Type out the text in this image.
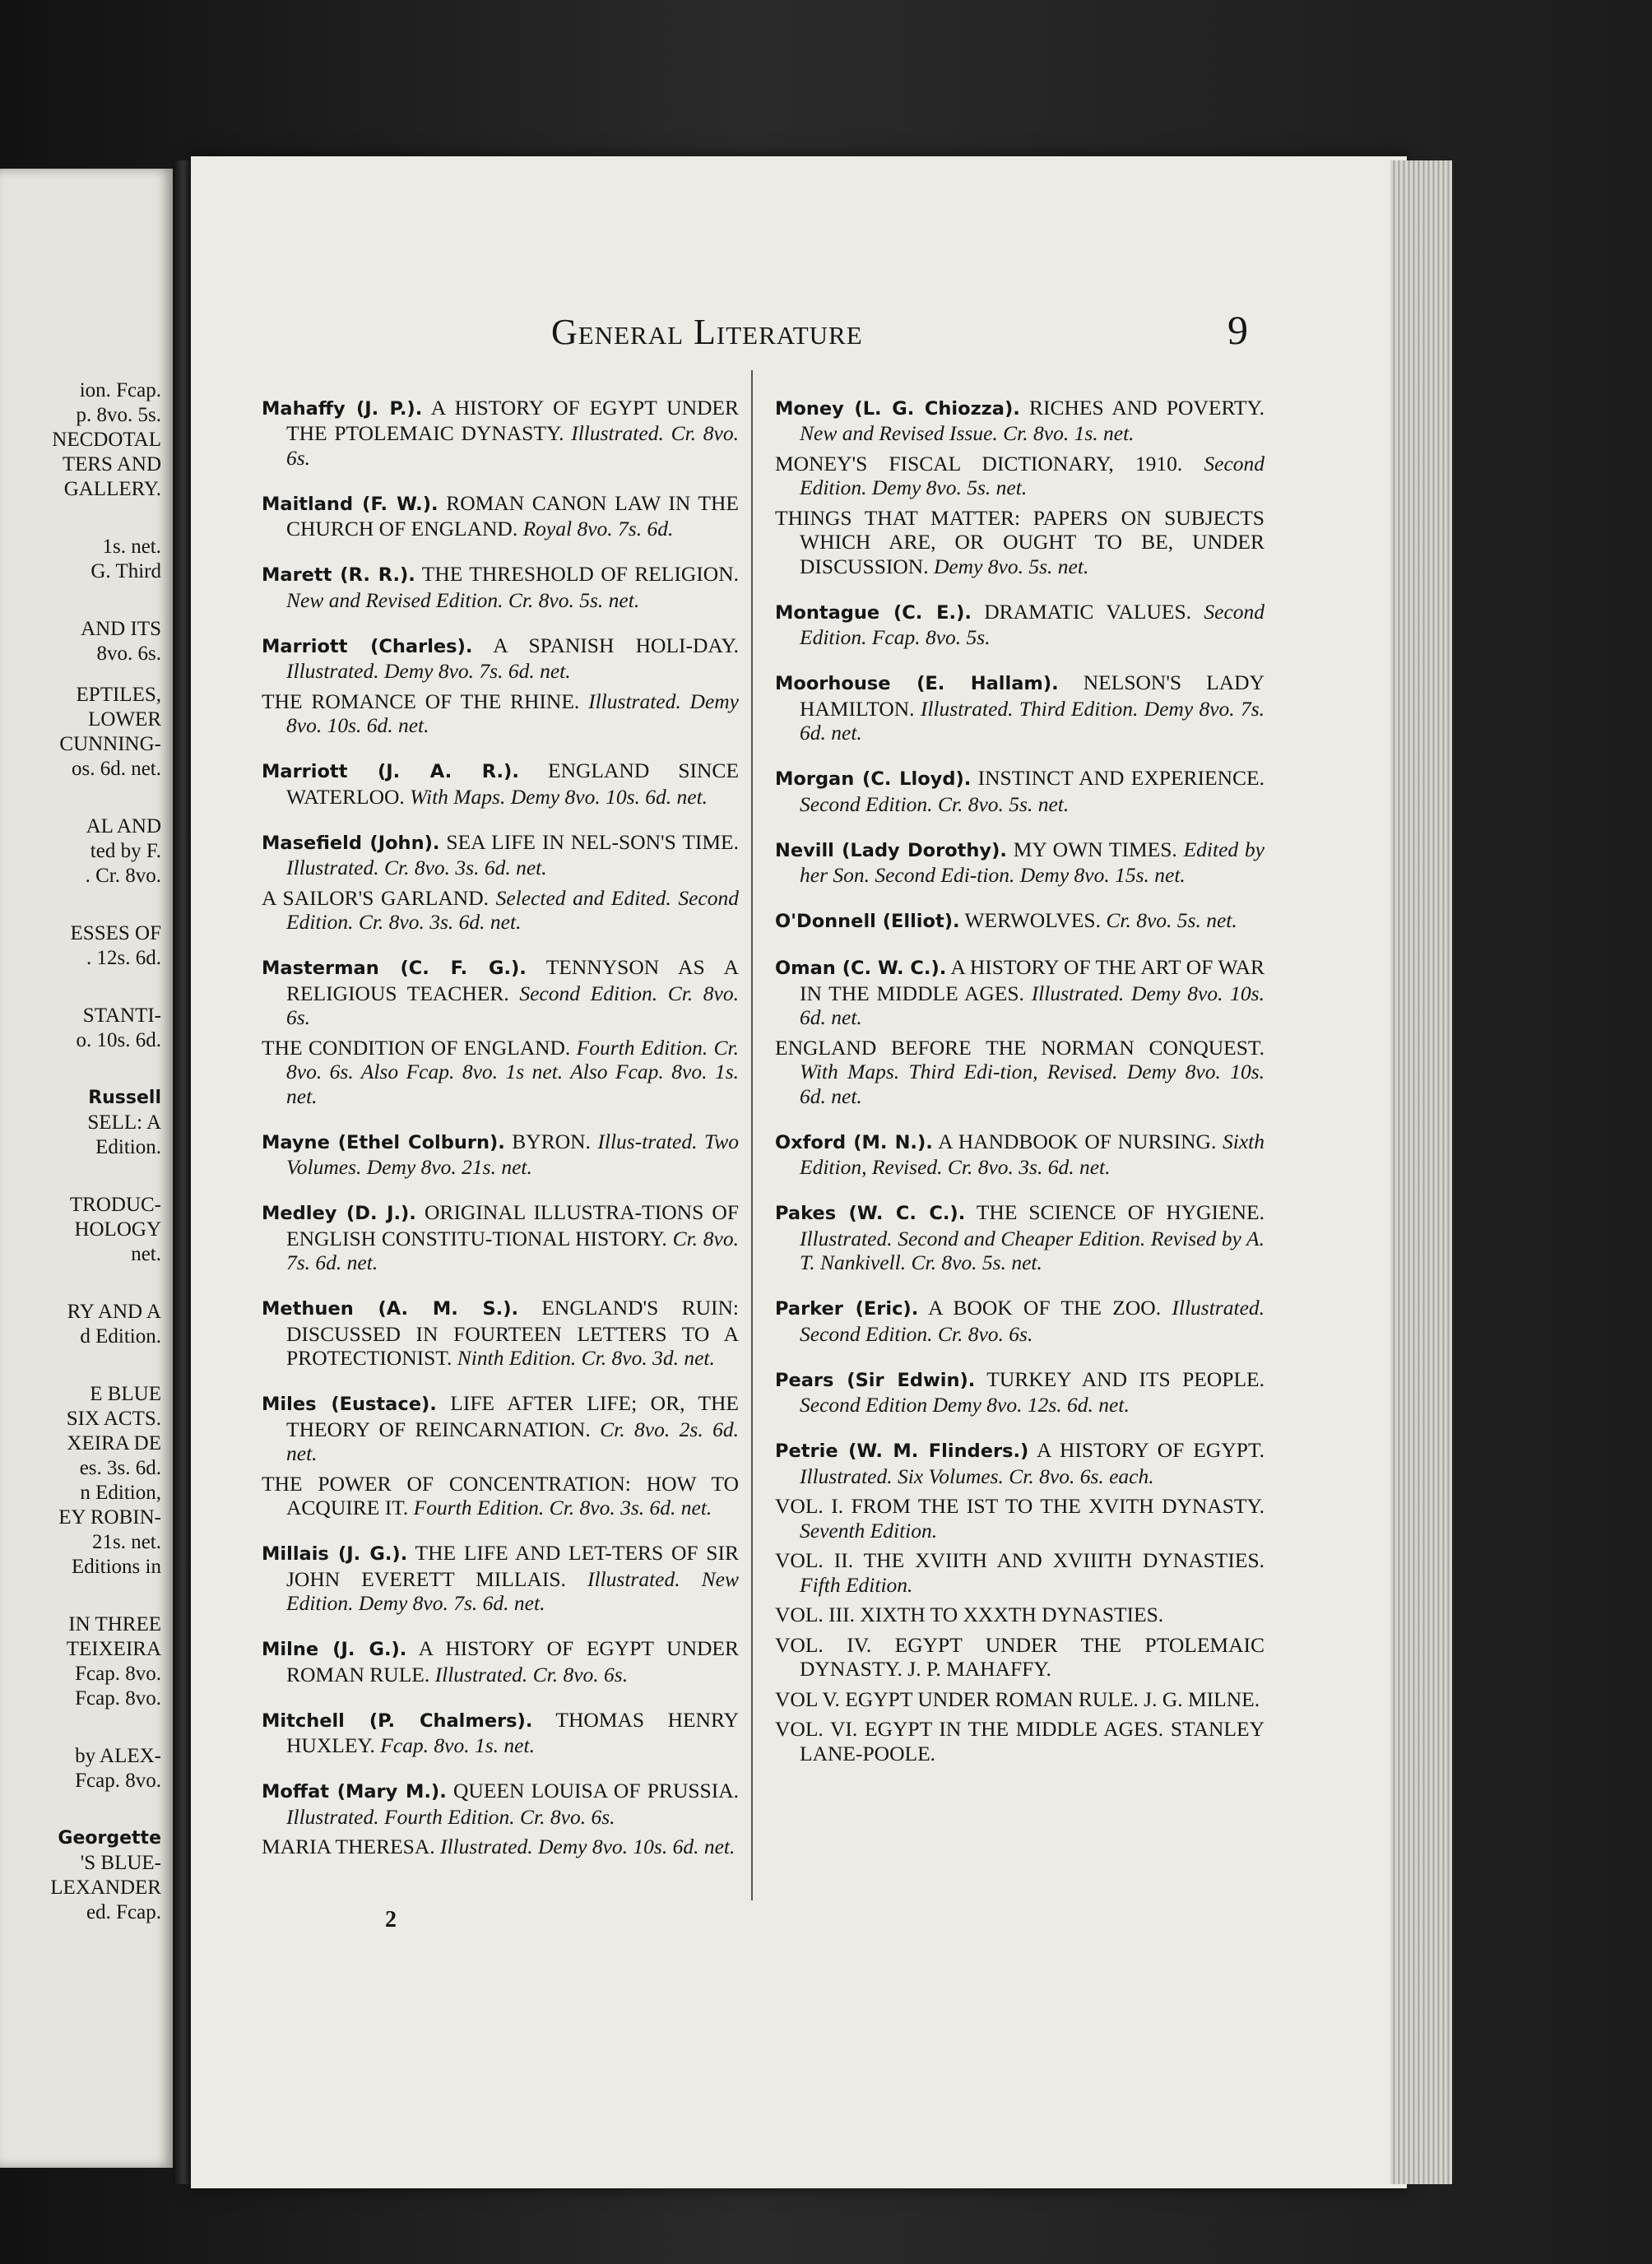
ion. Fcap.
p. 8vo. 5s.
NECDOTAL
TERS AND
GALLERY.
1s. net.
G. Third
AND ITS
8vo. 6s.
EPTILES,
LOWER
CUNNING-
os. 6d. net.
AL AND
ted by F.
. Cr. 8vo.
ESSES OF
. 12s. 6d.
STANTI-
o. 10s. 6d.
Russell
SELL: A
Edition.
TRODUC-
HOLOGY
net.
RY AND A
d Edition.
E BLUE
SIX ACTS.
XEIRA DE
es. 3s. 6d.
n Edition,
EY ROBIN-
21s. net.
Editions in
IN THREE
TEIXEIRA
Fcap. 8vo.
Fcap. 8vo.
by ALEX-
Fcap. 8vo.
Georgette
'S BLUE-
LEXANDER
ed. Fcap.
General Literature	9

Mahaffy (J. P.). A HISTORY OF EGYPT UNDER THE PTOLEMAIC DYNASTY. Illustrated. Cr. 8vo. 6s.

Maitland (F. W.). ROMAN CANON LAW IN THE CHURCH OF ENGLAND. Royal 8vo. 7s. 6d.

Marett (R. R.). THE THRESHOLD OF RELIGION. New and Revised Edition. Cr. 8vo. 5s. net.

Marriott (Charles). A SPANISH HOLI-DAY. Illustrated. Demy 8vo. 7s. 6d. net.

THE ROMANCE OF THE RHINE. Illustrated. Demy 8vo. 10s. 6d. net.

Marriott (J. A. R.). ENGLAND SINCE WATERLOO. With Maps. Demy 8vo. 10s. 6d. net.

Masefield (John). SEA LIFE IN NEL-SON'S TIME. Illustrated. Cr. 8vo. 3s. 6d. net.

A SAILOR'S GARLAND. Selected and Edited. Second Edition. Cr. 8vo. 3s. 6d. net.

Masterman (C. F. G.). TENNYSON AS A RELIGIOUS TEACHER. Second Edition. Cr. 8vo. 6s.

THE CONDITION OF ENGLAND. Fourth Edition. Cr. 8vo. 6s. Also Fcap. 8vo. 1s net. Also Fcap. 8vo. 1s. net.

Mayne (Ethel Colburn). BYRON. Illus-trated. Two Volumes. Demy 8vo. 21s. net.

Medley (D. J.). ORIGINAL ILLUSTRA-TIONS OF ENGLISH CONSTITU-TIONAL HISTORY. Cr. 8vo. 7s. 6d. net.

Methuen (A. M. S.). ENGLAND'S RUIN: DISCUSSED IN FOURTEEN LETTERS TO A PROTECTIONIST. Ninth Edition. Cr. 8vo. 3d. net.

Miles (Eustace). LIFE AFTER LIFE; OR, THE THEORY OF REINCARNATION. Cr. 8vo. 2s. 6d. net.

THE POWER OF CONCENTRATION: HOW TO ACQUIRE IT. Fourth Edition. Cr. 8vo. 3s. 6d. net.

Millais (J. G.). THE LIFE AND LET-TERS OF SIR JOHN EVERETT MILLAIS. Illustrated. New Edition. Demy 8vo. 7s. 6d. net.

Milne (J. G.). A HISTORY OF EGYPT UNDER ROMAN RULE. Illustrated. Cr. 8vo. 6s.

Mitchell (P. Chalmers). THOMAS HENRY HUXLEY. Fcap. 8vo. 1s. net.

Moffat (Mary M.). QUEEN LOUISA OF PRUSSIA. Illustrated. Fourth Edition. Cr. 8vo. 6s.

MARIA THERESA. Illustrated. Demy 8vo. 10s. 6d. net.

Money (L. G. Chiozza). RICHES AND POVERTY. New and Revised Issue. Cr. 8vo. 1s. net.

MONEY'S FISCAL DICTIONARY, 1910. Second Edition. Demy 8vo. 5s. net.

THINGS THAT MATTER: PAPERS ON SUBJECTS WHICH ARE, OR OUGHT TO BE, UNDER DISCUSSION. Demy 8vo. 5s. net.

Montague (C. E.). DRAMATIC VALUES. Second Edition. Fcap. 8vo. 5s.

Moorhouse (E. Hallam). NELSON'S LADY HAMILTON. Illustrated. Third Edition. Demy 8vo. 7s. 6d. net.

Morgan (C. Lloyd). INSTINCT AND EXPERIENCE. Second Edition. Cr. 8vo. 5s. net.

Nevill (Lady Dorothy). MY OWN TIMES. Edited by her Son. Second Edi-tion. Demy 8vo. 15s. net.

O'Donnell (Elliot). WERWOLVES. Cr. 8vo. 5s. net.

Oman (C. W. C.). A HISTORY OF THE ART OF WAR IN THE MIDDLE AGES. Illustrated. Demy 8vo. 10s. 6d. net.

ENGLAND BEFORE THE NORMAN CONQUEST. With Maps. Third Edi-tion, Revised. Demy 8vo. 10s. 6d. net.

Oxford (M. N.). A HANDBOOK OF NURSING. Sixth Edition, Revised. Cr. 8vo. 3s. 6d. net.

Pakes (W. C. C.). THE SCIENCE OF HYGIENE. Illustrated. Second and Cheaper Edition. Revised by A. T. Nankivell. Cr. 8vo. 5s. net.

Parker (Eric). A BOOK OF THE ZOO. Illustrated. Second Edition. Cr. 8vo. 6s.

Pears (Sir Edwin). TURKEY AND ITS PEOPLE. Second Edition Demy 8vo. 12s. 6d. net.

Petrie (W. M. Flinders.) A HISTORY OF EGYPT. Illustrated. Six Volumes. Cr. 8vo. 6s. each.

VOL. I. FROM THE IST TO THE XVITH DYNASTY. Seventh Edition.

VOL. II. THE XVIITH AND XVIIITH DYNASTIES. Fifth Edition.

VOL. III. XIXTH TO XXXTH DYNASTIES.

VOL. IV. EGYPT UNDER THE PTOLEMAIC DYNASTY. J. P. MAHAFFY.

VOL V. EGYPT UNDER ROMAN RULE. J. G. MILNE.

VOL. VI. EGYPT IN THE MIDDLE AGES. STANLEY LANE-POOLE.

2
